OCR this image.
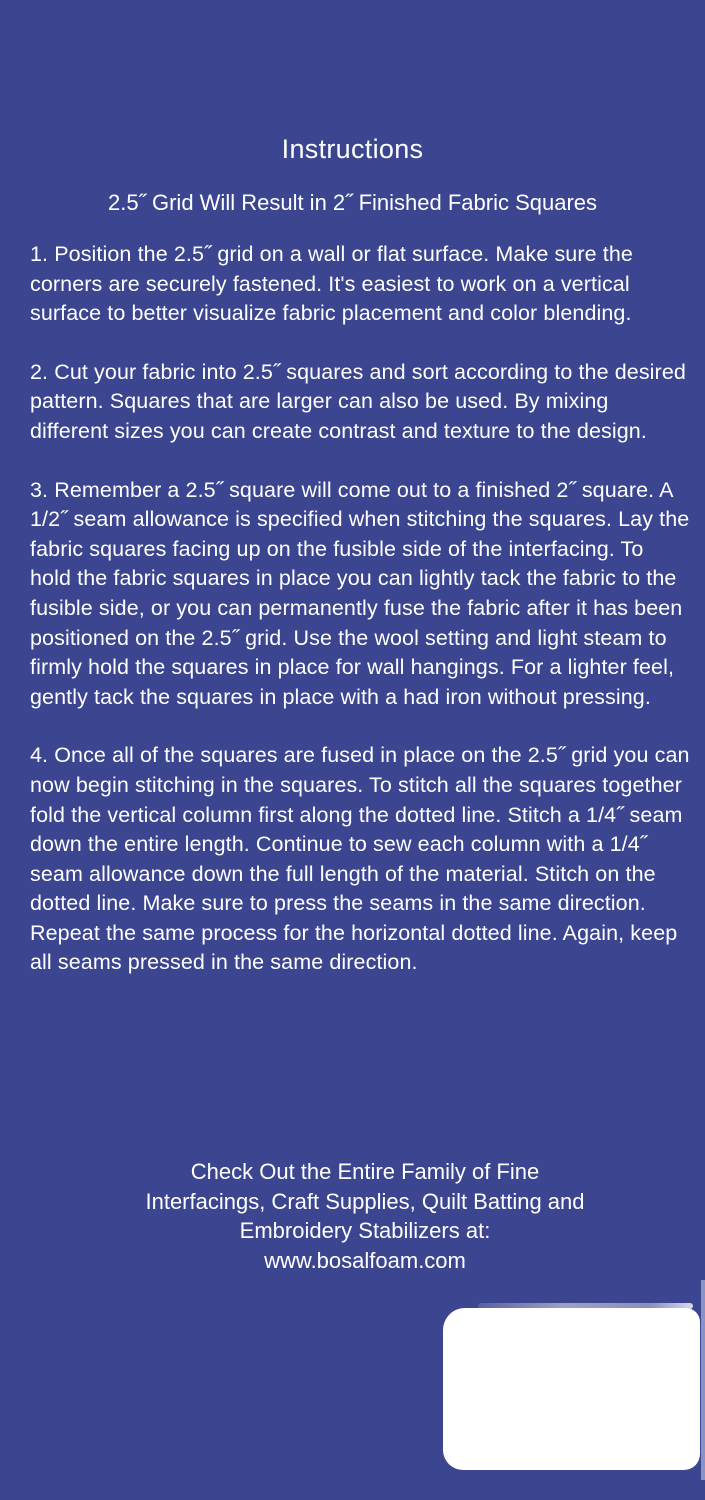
Instructions
2.5˝ Grid Will Result in 2˝ Finished Fabric Squares

1. Position the 2.5˝ grid on a wall or flat surface. Make sure the corners are securely fastened. It's easiest to work on a vertical surface to better visualize fabric placement and color blending.

2. Cut your fabric into 2.5˝ squares and sort according to the desired pattern. Squares that are larger can also be used. By mixing different sizes you can create contrast and texture to the design.

3. Remember a 2.5˝ square will come out to a finished 2˝ square. A 1/2˝ seam allowance is specified when stitching the squares. Lay the fabric squares facing up on the fusible side of the interfacing. To hold the fabric squares in place you can lightly tack the fabric to the fusible side, or you can permanently fuse the fabric after it has been positioned on the 2.5˝ grid. Use the wool setting and light steam to firmly hold the squares in place for wall hangings. For a lighter feel, gently tack the squares in place with a had iron without pressing.

4. Once all of the squares are fused in place on the 2.5˝ grid you can now begin stitching in the squares. To stitch all the squares together fold the vertical column first along the dotted line. Stitch a 1/4˝ seam down the entire length. Continue to sew each column with a 1/4˝ seam allowance down the full length of the material. Stitch on the dotted line. Make sure to press the seams in the same direction. Repeat the same process for the horizontal dotted line. Again, keep all seams pressed in the same direction.

Check Out the Entire Family of Fine
Interfacings, Craft Supplies, Quilt Batting and
Embroidery Stabilizers at:
www.bosalfoam.com
